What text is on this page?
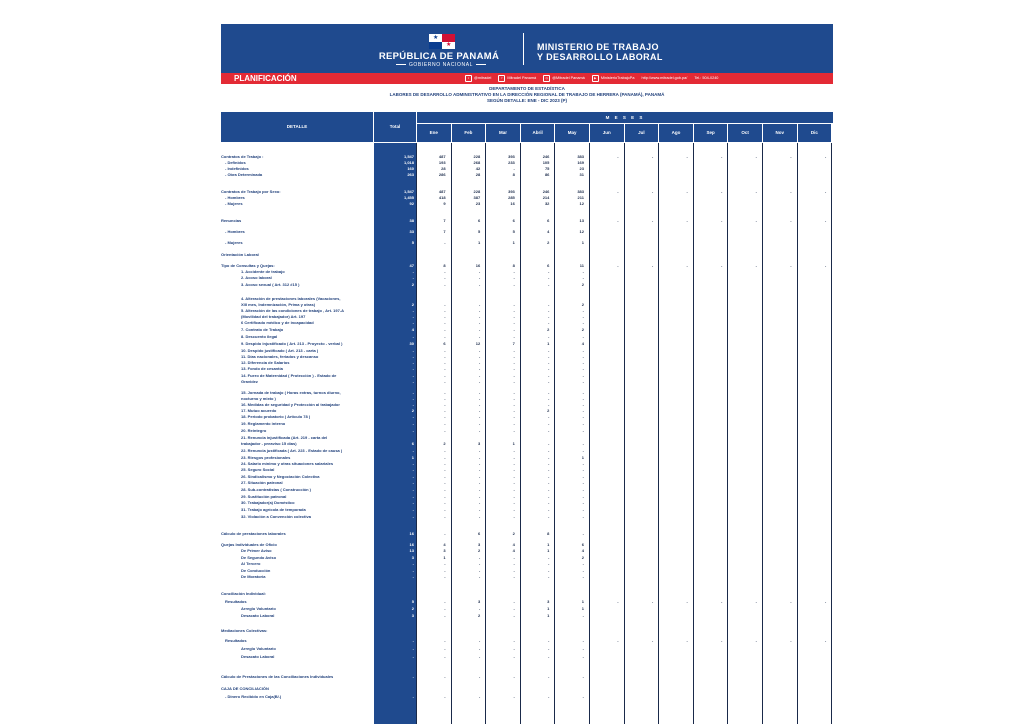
★
★
REPÚBLICA DE PANAMÁ
GOBIERNO NACIONAL
MINISTERIO DE TRABAJO
Y DESARROLLO LABORAL
PLANIFICACIÓN	t @mitradel	f Mitradel Panamá	◎ @Mitradel Panamá	▶ MinisterioTrabajoPa http://www.mitradel.gob.pa/ Tel.: 504-0240
DEPARTAMENTO DE ESTADÍSTICA
LABORES DE DESARROLLO ADMINISTRATIVO EN LA DIRECCIÓN REGIONAL DE TRABAJO DE HERRERA (PANAMÁ), PANAMÁ
SEGÚN DETALLE: ENE - DIC 2023 (P)
DETALLE	Total
M E S E S
Ene	Feb	Mar	Abril	May	Jun	Jul	Ago	Sep	Oct	Nov	Dic
Contratos de Trabajo :	1,547	487	228	393	246	383	-	-	-	-	-	-	-
- Definidos	1,018	193	268	233	105	169
- Indefinidos	160	28	42	-	75	23
- Obra Determinada	263	286	28	8	86	31
Contratos de Trabajo por Sexo:	1,547	487	228	393	246	383	-	-	-	-	-	-	-
- Hombres	1,455	418	387	285	214	211
- Mujeres	92	9	23	16	32	12
Renuncias	38	7	6	6	6	13	-	-	-	-	-	-	-
- Hombres	33	7	5	5	4	12
- Mujeres	5	-	1	1	2	1
Orientación Laboral
Tipo de Consultas y Quejas:	47	8	16	8	6	11	-	-	-	-	-	-	-
1. Accidente de trabajo	-	-	-	-	-	-
2. Acoso laboral	-	-	-	-	-	-
3. Acoso sexual ( Art. 312 #15 )	2	-	-	-	-	2
4. Alteración de prestaciones laborales (Vacaciones,
XIII mes, Indemnización, Prima y otras)	2	-	-	-	-	2
5. Alteración de las condiciones de trabajo , Art. 197-A	-	-	-	-	-	-
(Movilidad del trabajador) Art. 197	-	-	-	-	-	-
6 Certificado médico y de incapacidad	-	-	-	-	-	-
7. Contrato de Trabajo	4	-	-	-	2	2
8. Descuento ilegal	-	-	-	-	-	-
9. Despido injustificado ( Art. 213 - Proyecto - verbal )	30	6	12	7	1	4
10. Despido justificado ( Art. 213 - carta )	-	-	-	-	-	-
11. Días nacionales, feriados y descanso	-	-	-	-	-	-
12. Diferencia de Salarios	-	-	-	-	-	-
13. Fondo de cesantía	-	-	-	-	-	-
14. Fuero de Maternidad ( Protección ) - Estado de	-	-	-	-	-	-
Gravidez	-	-	-	-	-	-
15. Jornada de trabajo ( Horas extras, turnos diurno,	-	-	-	-	-	-
nocturno y mixto )	-	-	-	-	-	-
16. Medidas de seguridad y Protección al trabajador	-	-	-	-	-	-
17. Mutuo acuerdo	2	-	-	-	2	-
18. Periodo probatorio ( Artículo 78 )	-	-	-	-	-	-
19. Reglamento interno	-	-	-	-	-	-
20. Reintegro	-	-	-	-	-	-
21. Renuncia injustificada (Art. 219 - carta del
trabajador - preaviso 15 días)	6	2	3	1	-	-
22. Renuncia justificada ( Art. 223 - Estado de causa )	-	-	-	-	-	-
23. Riesgos profesionales	1	-	-	-	-	1
24. Salario mínimo y otras situaciones salariales	-	-	-	-	-	-
25. Seguro Social	-	-	-	-	-	-
26. Sindicalismo y Negociación Colectiva	-	-	-	-	-	-
27. Situación patronal	-	-	-	-	-	-
28. Sub-contratistas ( Construcción )	-	-	-	-	-	-
29. Sustitución patronal	-	-	-	-	-	-
30. Trabajador(a) Doméstico	-	-	-	-	-	-
31. Trabajo agrícola de temporada	-	-	-	-	-	-
32. Violación a Convención colectiva	-	-	-	-	-	-
Cálculo de prestaciones laborales	16	-	6	2	8	-
Quejas Individuales de Oficio	16	4	3	4	1	6
De Primer Aviso	13	3	2	4	1	4
De Segundo Aviso	3	1	-	-	-	2
Al Tercero	-	-	-	-	-	-
De Conducción	-	-	-	-	-	-
De Moratoria	-	-	-	-	-	-
Conciliación Individual:
Resultados	5	-	3	-	3	1	-	-	-	-	-	-	-
Arreglo Voluntario	2	-	-	-	1	1
Desacato Laboral	3	-	2	-	1	-
Mediaciones Colectivas:
Resultados	-	-	-	-	-	-	-	-	-	-	-	-	-
Arreglo Voluntario	-	-	-	-	-	-
Desacato Laboral	-	-	-	-	-	-
Cálculo de Prestaciones de las Conciliaciones Individuales	-	-	-	-	-	-
CAJA DE CONCILIACIÓN
- Dinero Recibido en Caja(B/.)	-	-	-	-	-	-
